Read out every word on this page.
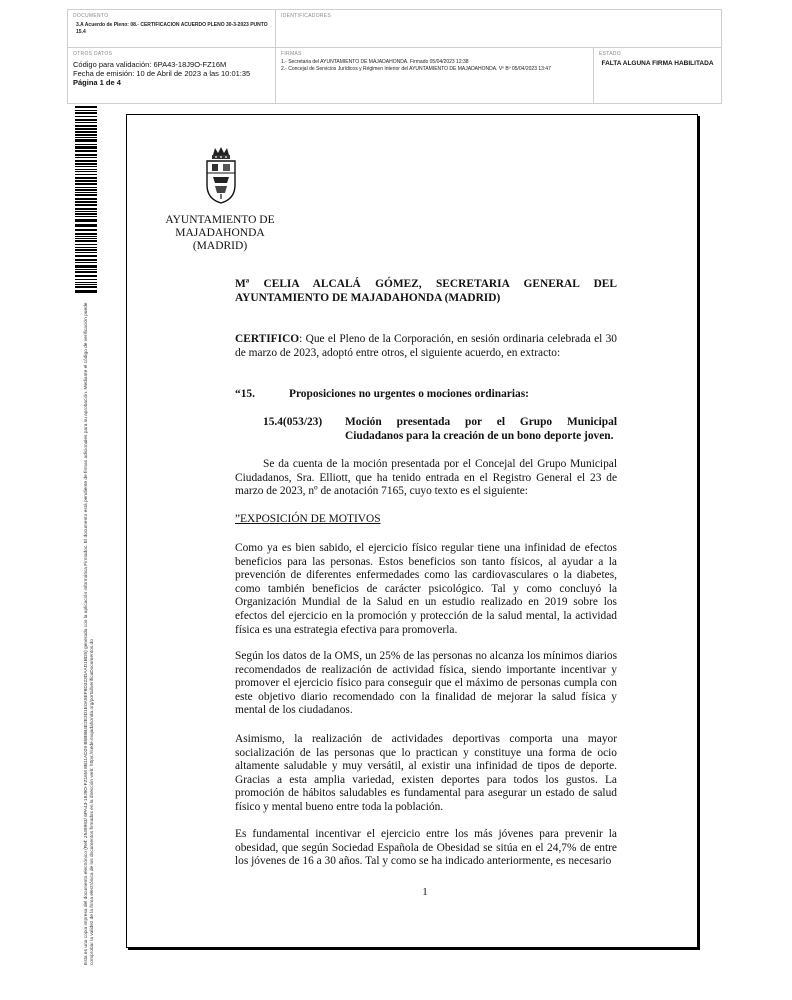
DOCUMENTO
3.A Acuerdo de Pleno: 08.- CERTIFICACION ACUERDO PLENO 30-3-2023 PUNTO 15.4
IDENTIFICADORES
OTROS DATOS
Código para validación: 6PA43-18J9O-FZ16M
Fecha de emisión: 10 de Abril de 2023 a las 10:01:35
Página 1 de 4
FIRMAS
1.- Secretaria del AYUNTAMIENTO DE MAJADAHONDA. Firmado 05/04/2023 12:38
2.- Concejal de Servicios Jurídicos y Régimen Interior del AYUNTAMIENTO DE MAJADAHONDA. Vº Bº 05/04/2023 13:47
ESTADO
FALTA ALGUNA FIRMA HABILITADA
Esta es una copia impresa del documento electrónico (Ref: 2549993/ 6PA43-18J9O-FZ16M 8B11AD29 B5B9B4E2E3D1E0A5EF8D323DAAD1BD5) generada con la aplicación informática Firmadoc. El documento está pendiente de firmas adicionales para su aprobación. Mediante el código de verificación puede comprobar la validez de la firma electrónica de los documentos firmados en la dirección web: https://sede.majadahonda.org/portal/verificaDocumentos.do
AYUNTAMIENTO DE
MAJADAHONDA
(MADRID)
Mª CELIA ALCALÁ GÓMEZ, SECRETARIA GENERAL DEL
AYUNTAMIENTO DE MAJADAHONDA (MADRID)
CERTIFICO: Que el Pleno de la Corporación, en sesión ordinaria celebrada el 30 de marzo de 2023, adoptó entre otros, el siguiente acuerdo, en extracto:
“15.	Proposiciones no urgentes o mociones ordinarias:
15.4(053/23) Moción presentada por el Grupo Municipal
Ciudadanos para la creación de un bono deporte joven.
Se da cuenta de la moción presentada por el Concejal del Grupo Municipal Ciudadanos, Sra. Elliott, que ha tenido entrada en el Registro General el 23 de marzo de 2023, nº de anotación 7165, cuyo texto es el siguiente:
”EXPOSICIÓN DE MOTIVOS
Como ya es bien sabido, el ejercicio físico regular tiene una infinidad de efectos beneficios para las personas. Estos beneficios son tanto físicos, al ayudar a la prevención de diferentes enfermedades como las cardiovasculares o la diabetes, como también beneficios de carácter psicológico. Tal y como concluyó la Organización Mundial de la Salud en un estudio realizado en 2019 sobre los efectos del ejercicio en la promoción y protección de la salud mental, la actividad física es una estrategia efectiva para promoverla.
Según los datos de la OMS, un 25% de las personas no alcanza los mínimos diarios recomendados de realización de actividad física, siendo importante incentivar y promover el ejercicio físico para conseguir que el máximo de personas cumpla con este objetivo diario recomendado con la finalidad de mejorar la salud física y mental de los ciudadanos.
Asimismo, la realización de actividades deportivas comporta una mayor socialización de las personas que lo practican y constituye una forma de ocio altamente saludable y muy versátil, al existir una infinidad de tipos de deporte. Gracias a esta amplia variedad, existen deportes para todos los gustos. La promoción de hábitos saludables es fundamental para asegurar un estado de salud físico y mental bueno entre toda la población.
Es fundamental incentivar el ejercicio entre los más jóvenes para prevenir la obesidad, que según Sociedad Española de Obesidad se sitúa en el 24,7% de entre los jóvenes de 16 a 30 años. Tal y como se ha indicado anteriormente, es necesario
1
